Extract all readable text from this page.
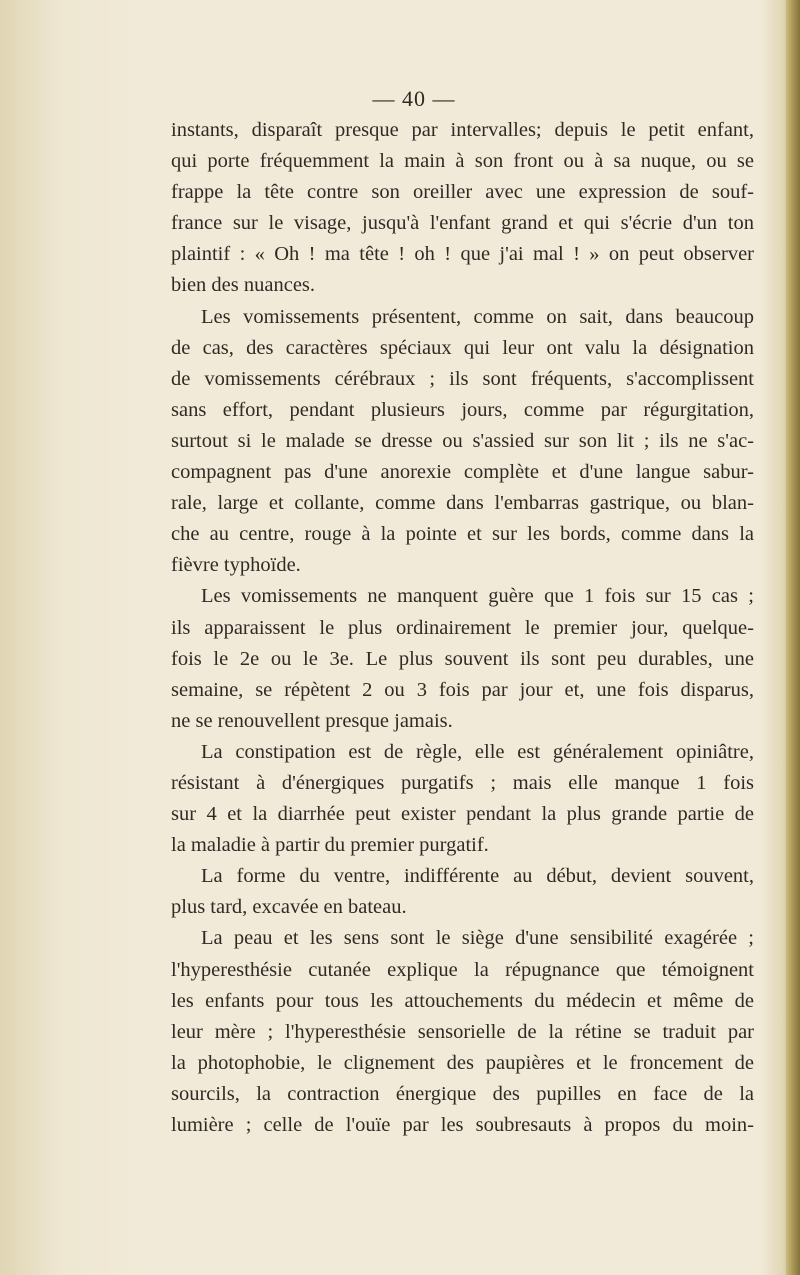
— 40 —
instants, disparaît presque par intervalles; depuis le petit enfant,
qui porte fréquemment la main à son front ou à sa nuque, ou se
frappe la tête contre son oreiller avec une expression de souf-
france sur le visage, jusqu'à l'enfant grand et qui s'écrie d'un ton
plaintif : « Oh ! ma tête ! oh ! que j'ai mal ! » on peut observer
bien des nuances.
Les vomissements présentent, comme on sait, dans beaucoup
de cas, des caractères spéciaux qui leur ont valu la désignation
de vomissements cérébraux ; ils sont fréquents, s'accomplissent
sans effort, pendant plusieurs jours, comme par régurgitation,
surtout si le malade se dresse ou s'assied sur son lit ; ils ne s'ac-
compagnent pas d'une anorexie complète et d'une langue sabur-
rale, large et collante, comme dans l'embarras gastrique, ou blan-
che au centre, rouge à la pointe et sur les bords, comme dans la
fièvre typhoïde.
Les vomissements ne manquent guère que 1 fois sur 15 cas ;
ils apparaissent le plus ordinairement le premier jour, quelque-
fois le 2e ou le 3e. Le plus souvent ils sont peu durables, une
semaine, se répètent 2 ou 3 fois par jour et, une fois disparus,
ne se renouvellent presque jamais.
La constipation est de règle, elle est généralement opiniâtre,
résistant à d'énergiques purgatifs ; mais elle manque 1 fois
sur 4 et la diarrhée peut exister pendant la plus grande partie de
la maladie à partir du premier purgatif.
La forme du ventre, indifférente au début, devient souvent,
plus tard, excavée en bateau.
La peau et les sens sont le siège d'une sensibilité exagérée ;
l'hyperesthésie cutanée explique la répugnance que témoignent
les enfants pour tous les attouchements du médecin et même de
leur mère ; l'hyperesthésie sensorielle de la rétine se traduit par
la photophobie, le clignement des paupières et le froncement de
sourcils, la contraction énergique des pupilles en face de la
lumière ; celle de l'ouïe par les soubresauts à propos du moin-
